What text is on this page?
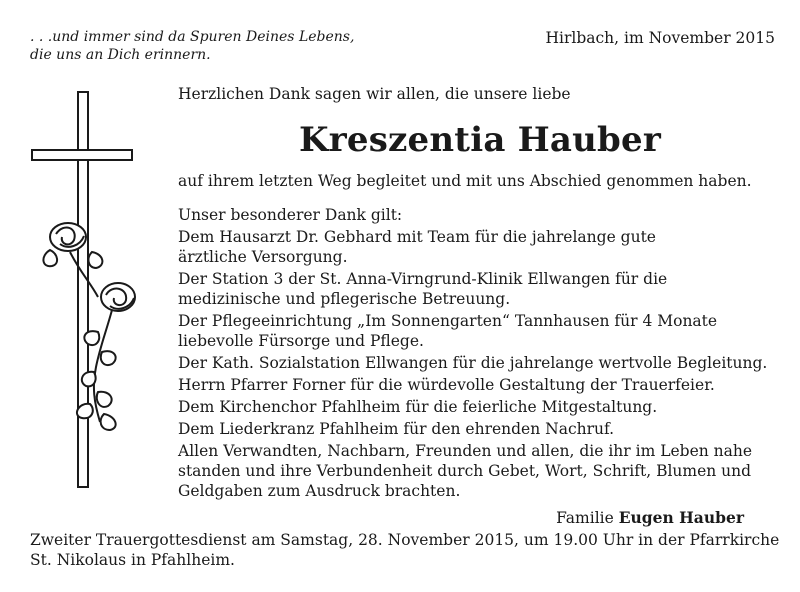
. . .und immer sind da Spuren Deines Lebens,
die uns an Dich erinnern.
Hirlbach, im November 2015

Herzlichen Dank sagen wir allen, die unsere liebe

Kreszentia Hauber

auf ihrem letzten Weg begleitet und mit uns Abschied genommen haben.

Unser besonderer Dank gilt:
Dem Hausarzt Dr. Gebhard mit Team für die jahrelange gute
ärztliche Versorgung.
Der Station 3 der St. Anna-Virngrund-Klinik Ellwangen für die
medizinische und pflegerische Betreuung.
Der Pflegeeinrichtung „Im Sonnengarten“ Tannhausen für 4 Monate
liebevolle Fürsorge und Pflege.
Der Kath. Sozialstation Ellwangen für die jahrelange wertvolle Begleitung.
Herrn Pfarrer Forner für die würdevolle Gestaltung der Trauerfeier.
Dem Kirchenchor Pfahlheim für die feierliche Mitgestaltung.
Dem Liederkranz Pfahlheim für den ehrenden Nachruf.
Allen Verwandten, Nachbarn, Freunden und allen, die ihr im Leben nahe
standen und ihre Verbundenheit durch Gebet, Wort, Schrift, Blumen und
Geldgaben zum Ausdruck brachten.
Familie Eugen Hauber
Zweiter Trauergottesdienst am Samstag, 28. November 2015, um 19.00 Uhr in der Pfarrkirche
St. Nikolaus in Pfahlheim.
